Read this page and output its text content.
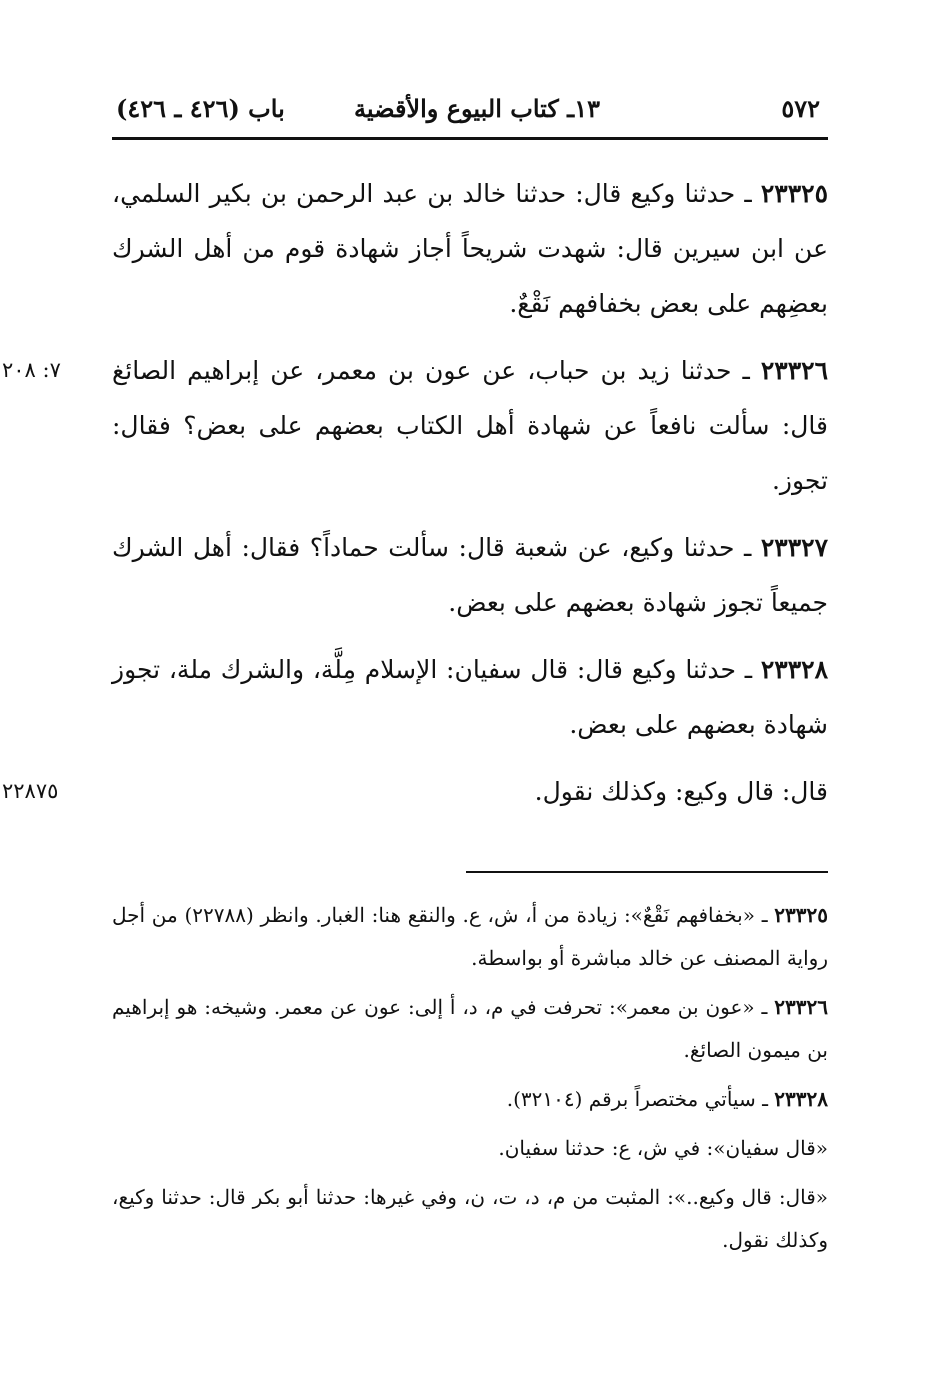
٥٧٢
١٣ـ كتاب البيوع والأقضية
باب (٤٢٦ ـ ٤٢٦)
٢٣٣٢٥ ـ حدثنا وكيع قال: حدثنا خالد بن عبد الرحمن بن بكير السلمي، عن ابن سيرين قال: شهدت شريحاً أجاز شهادة قوم من أهل الشرك بعضِهم على بعض بخفافهم نَقْعٌ.
٧: ٢٠٨	٢٣٣٢٦ ـ حدثنا زيد بن حباب، عن عون بن معمر، عن إبراهيم الصائغ قال: سألت نافعاً عن شهادة أهل الكتاب بعضهم على بعض؟ فقال: تجوز.
٢٣٣٢٧ ـ حدثنا وكيع، عن شعبة قال: سألت حماداً؟ فقال: أهل الشرك جميعاً تجوز شهادة بعضهم على بعض.
٢٣٣٢٨ ـ حدثنا وكيع قال: قال سفيان: الإسلام مِلَّة، والشرك ملة، تجوز شهادة بعضهم على بعض.
٢٢٨٧٥	قال: قال وكيع: وكذلك نقول.
٢٣٣٢٥ ـ «بخفافهم نَقْعٌ»: زيادة من أ، ش، ع. والنقع هنا: الغبار. وانظر (٢٢٧٨٨) من أجل رواية المصنف عن خالد مباشرة أو بواسطة.
٢٣٣٢٦ ـ «عون بن معمر»: تحرفت في م، د، أ إلى: عون عن معمر. وشيخه: هو إبراهيم بن ميمون الصائغ.
٢٣٣٢٨ ـ سيأتي مختصراً برقم (٣٢١٠٤).
«قال سفيان»: في ش، ع: حدثنا سفيان.
«قال: قال وكيع..»: المثبت من م، د، ت، ن، وفي غيرها: حدثنا أبو بكر قال: حدثنا وكيع، وكذلك نقول.
